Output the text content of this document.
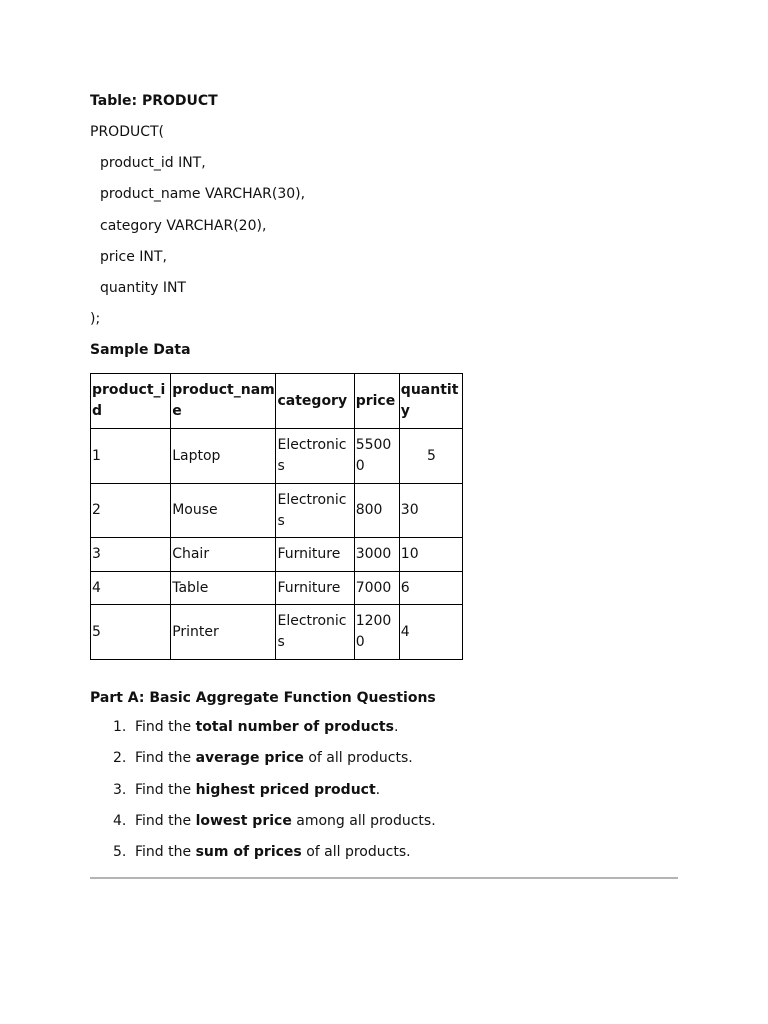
Table: PRODUCT
PRODUCT(
product_id INT,
product_name VARCHAR(30),
category VARCHAR(20),
price INT,
quantity INT
);
Sample Data
product_id	product_name	category	price	quantity
1	Laptop	Electronics	55000	5
2	Mouse	Electronics	800	30
3	Chair	Furniture	3000	10
4	Table	Furniture	7000	6
5	Printer	Electronics	12000	4
Part A: Basic Aggregate Function Questions
1. Find the total number of products.
2. Find the average price of all products.
3. Find the highest priced product.
4. Find the lowest price among all products.
5. Find the sum of prices of all products.
